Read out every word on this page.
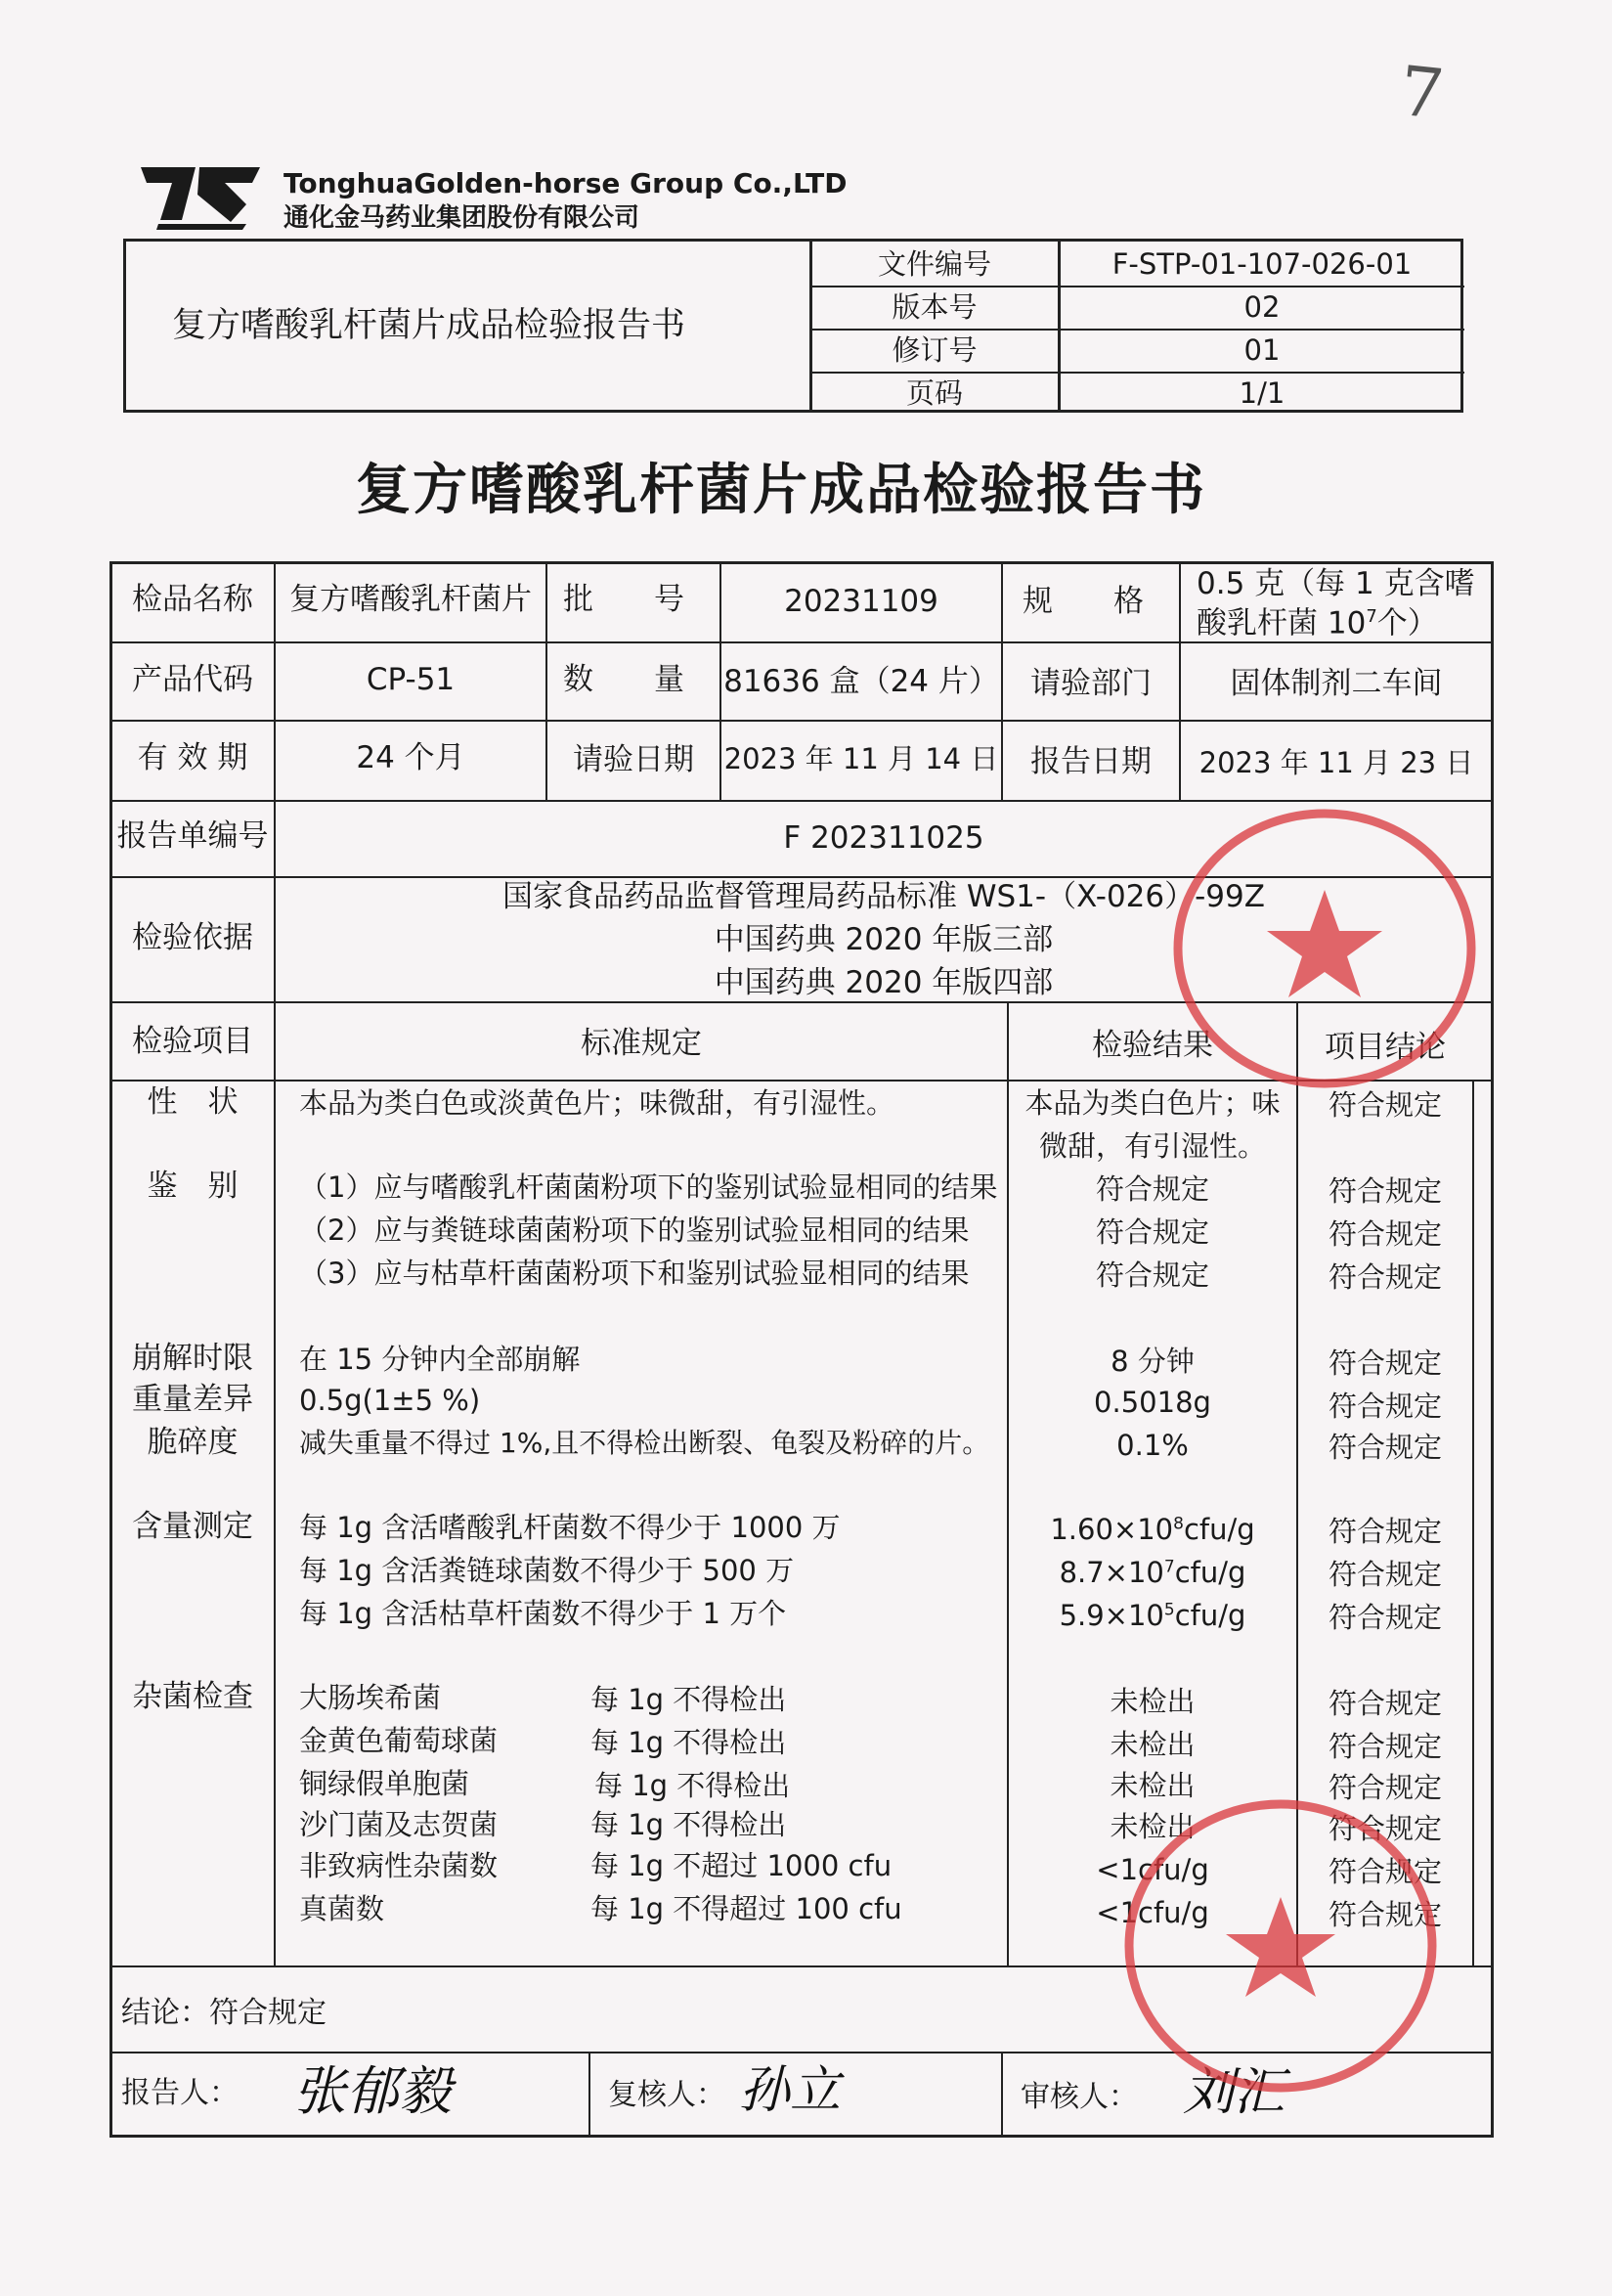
7
TonghuaGolden-horse Group Co.,LTD
通化金马药业集团股份有限公司
复方嗜酸乳杆菌片成品检验报告书
文件编号	F-STP-01-107-026-01
版本号	02
修订号	01
页码	1/1
复方嗜酸乳杆菌片成品检验报告书
检品名称	复方嗜酸乳杆菌片	批　　号	20231109	规　　格 0.5 克（每 1 克含嗜
酸乳杆菌 $10^7$个）
产品代码	CP-51	数　　量 81636 盒（24 片）	请验部门	固体制剂二车间
有 效 期	24 个月	请验日期	2023 年 11 月 14 日	报告日期	2023 年 11 月 23 日
报告单编号	F 202311025
检验依据
国家食品药品监督管理局药品标准 WS1-（X-026）-99Z
中国药典 2020 年版三部
中国药典 2020 年版四部
检验项目	标准规定	检验结果	项目结论
性　状	本品为类白色或淡黄色片；味微甜，有引湿性。	本品为类白色片；味
微甜，有引湿性。
符合规定
鉴　别	（1）应与嗜酸乳杆菌菌粉项下的鉴别试验显相同的结果	符合规定	符合规定
（2）应与粪链球菌菌粉项下的鉴别试验显相同的结果	符合规定	符合规定
（3）应与枯草杆菌菌粉项下和鉴别试验显相同的结果	符合规定	符合规定
崩解时限	在 15 分钟内全部崩解	8 分钟	符合规定
重量差异	0.5g(1±5 %)	0.5018g	符合规定
脆碎度	减失重量不得过 1%,且不得检出断裂、龟裂及粉碎的片。	0.1%	符合规定
含量测定	每 1g 含活嗜酸乳杆菌数不得少于 1000 万	$1.60\times 10^8cfu/g$	符合规定
每 1g 含活粪链球菌数不得少于 500 万	$8.7\times 10^7cfu/g$	符合规定
每 1g 含活枯草杆菌数不得少于 1 万个	$5.9\times 10^5cfu/g$	符合规定
杂菌检查	大肠埃希菌	每 1g 不得检出	未检出	符合规定
金黄色葡萄球菌	每 1g 不得检出	未检出	符合规定
铜绿假单胞菌	每 1g 不得检出	未检出	符合规定
沙门菌及志贺菌	每 1g 不得检出	未检出	符合规定
非致病性杂菌数	每 1g 不超过 1000 cfu	<1cfu/g	符合规定
真菌数	每 1g 不得超过 100 cfu	<1cfu/g	符合规定
结论：符合规定
报告人： 张郁毅	复核人： 孙立	审核人： 刘汇
